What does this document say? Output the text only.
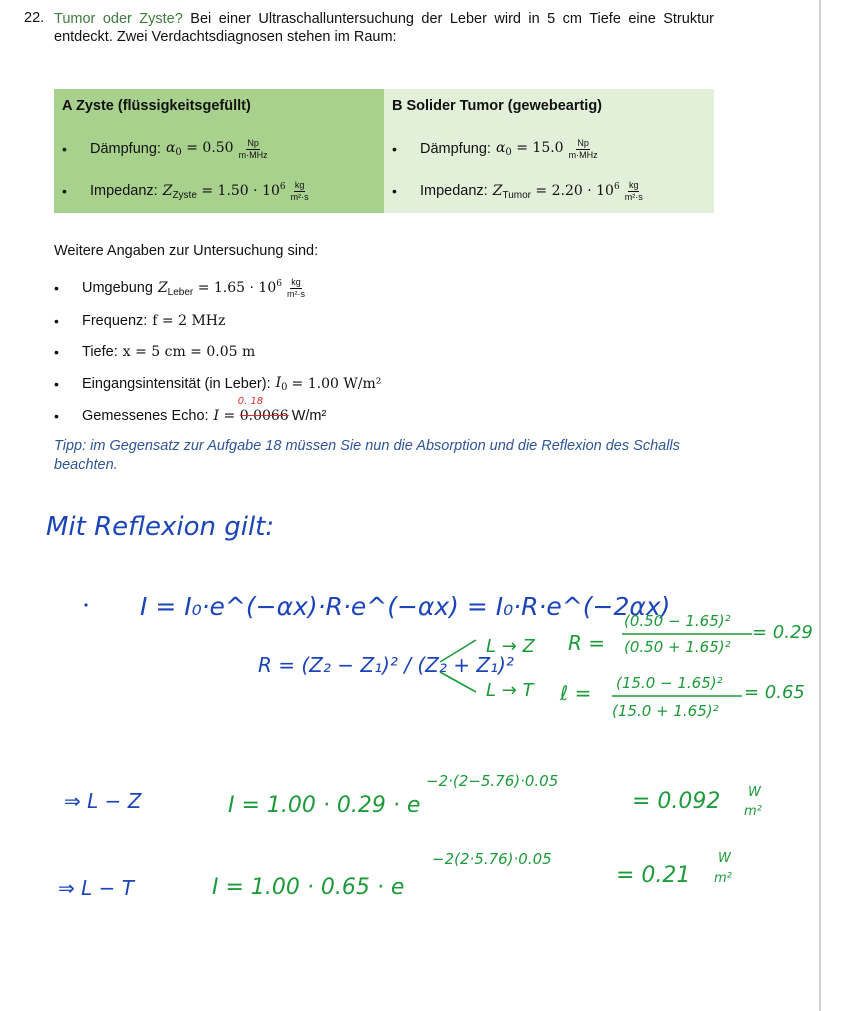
22. Tumor oder Zyste? Bei einer Ultraschalluntersuchung der Leber wird in 5 cm Tiefe eine Struktur entdeckt. Zwei Verdachtsdiagnosen stehen im Raum:
A Zyste (flüssigkeitsgefüllt)
•	Dämpfung: $\alpha_0 = 0.50 \frac{Np}{\text{m·MHz}}$
•	Impedanz: $Z_{Zyste} = 1.50 \cdot 10^6 \frac{kg}{\text{m²·s}}$
B Solider Tumor (gewebeartig)
•	Dämpfung: $\alpha_0 = 15.0 \frac{Np}{\text{m·MHz}}$
•	Impedanz: $Z_{Tumor} = 2.20 \cdot 10^6 \frac{kg}{\text{m²·s}}$
Weitere Angaben zur Untersuchung sind:
•	Umgebung $Z_{Leber} = 1.65 \cdot 10^6 \frac{kg}{\text{m²·s}}$
•	Frequenz: f = 2 MHz
•	Tiefe: x = 5 cm = 0.05 m
•	Eingangsintensität (in Leber): $I_0 = 1.00$ W/m²
•	Gemessenes Echo: I = 0.0066
0. 18
W/m²
Tipp: im Gegensatz zur Aufgabe 18 müssen Sie nun die Absorption und die Reflexion des Schalls beachten.
Mit Reflexion gilt:
I = I₀·e^(−αx)·R·e^(−αx) = I₀·R·e^(−2αx)
R = (Z₂ − Z₁)² / (Z₂ + Z₁)²
L → Z
L → T
R =
(0.50 − 1.65)²
(0.50 + 1.65)²
= 0.29
ℓ = (15.0 − 1.65)²
(15.0 + 1.65)²
= 0.65
⇒ L − Z	I = 1.00 · 0.29 · e
−2·(2−5.76)·0.05
= 0.092 W
m²
⇒ L − T	I = 1.00 · 0.65 · e
−2(2·5.76)·0.05
= 0.21
W
m²
